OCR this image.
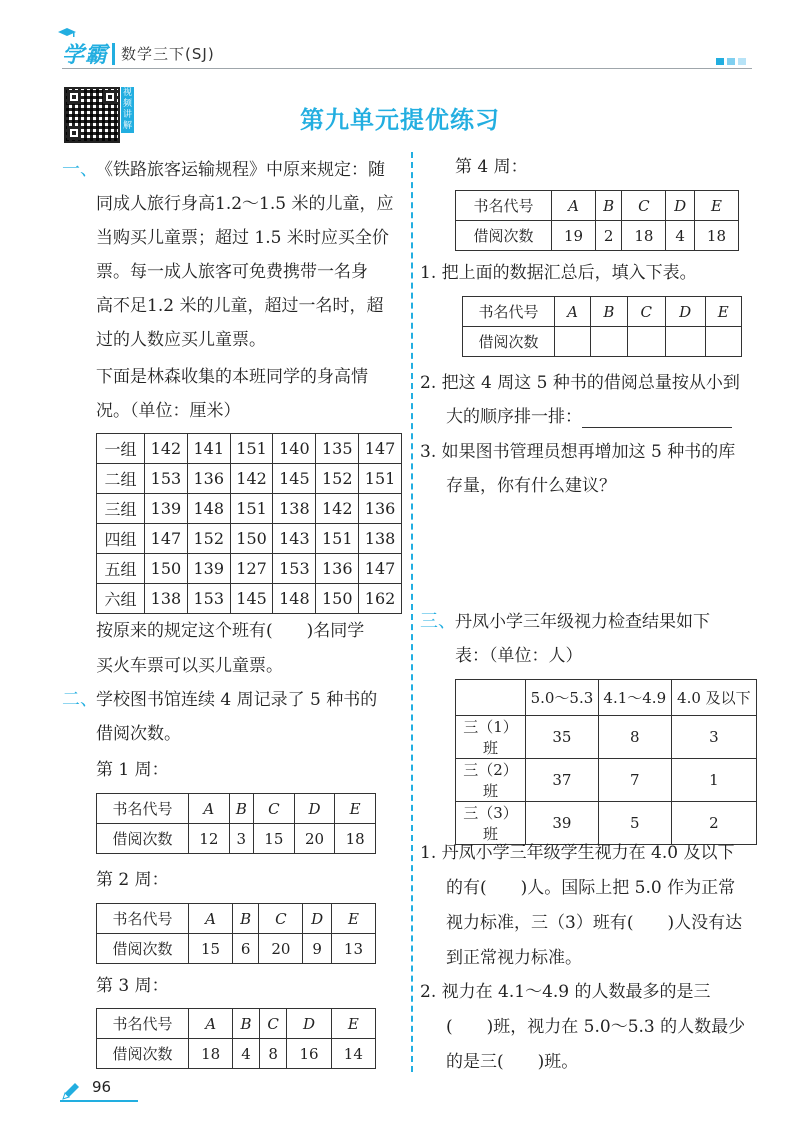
学霸 数学三下(SJ)
视频讲解	第九单元提优练习
一、
《铁路旅客运输规程》中原来规定：随
同成人旅行身高1.2～1.5 米的儿童，应
当购买儿童票；超过 1.5 米时应买全价
票。每一成人旅客可免费携带一名身
高不足1.2 米的儿童，超过一名时，超
过的人数应买儿童票。
下面是林森收集的本班同学的身高情
况。（单位：厘米）
一组	142	141	151	140	135	147
二组	153	136	142	145	152	151
三组	139	148	151	138	142	136
四组	147	152	150	143	151	138
五组	150	139	127	153	136	147
六组	138	153	145	148	150	162
按原来的规定这个班有(　　)名同学
买火车票可以买儿童票。
二、
学校图书馆连续 4 周记录了 5 种书的
借阅次数。
第 1 周：
书名代号	A	B	C	D	E
借阅次数	12	3	15	20	18
第 2 周：
书名代号	A	B	C	D	E
借阅次数	15	6	20	9	13
第 3 周：
书名代号	A	B	C	D	E
借阅次数	18	4	8	16	14
第 4 周：
书名代号	A	B	C	D	E
借阅次数	19	2	18	4	18
1. 把上面的数据汇总后，填入下表。
书名代号	A	B	C	D	E
借阅次数					
2. 把这 4 周这 5 种书的借阅总量按从小到
大的顺序排一排：
3. 如果图书管理员想再增加这 5 种书的库
存量，你有什么建议？
三、 丹凤小学三年级视力检查结果如下
表：（单位：人）
	5.0～5.3	4.1～4.9	4.0 及以下
三（1）班	35	8	3
三（2）班	37	7	1
三（3）班	39	5	2
1. 丹凤小学三年级学生视力在 4.0 及以下
的有(　　)人。国际上把 5.0 作为正常
视力标准，三（3）班有(　　)人没有达
到正常视力标准。
2. 视力在 4.1～4.9 的人数最多的是三
(　　)班，视力在 5.0～5.3 的人数最少
的是三(　　)班。
96
